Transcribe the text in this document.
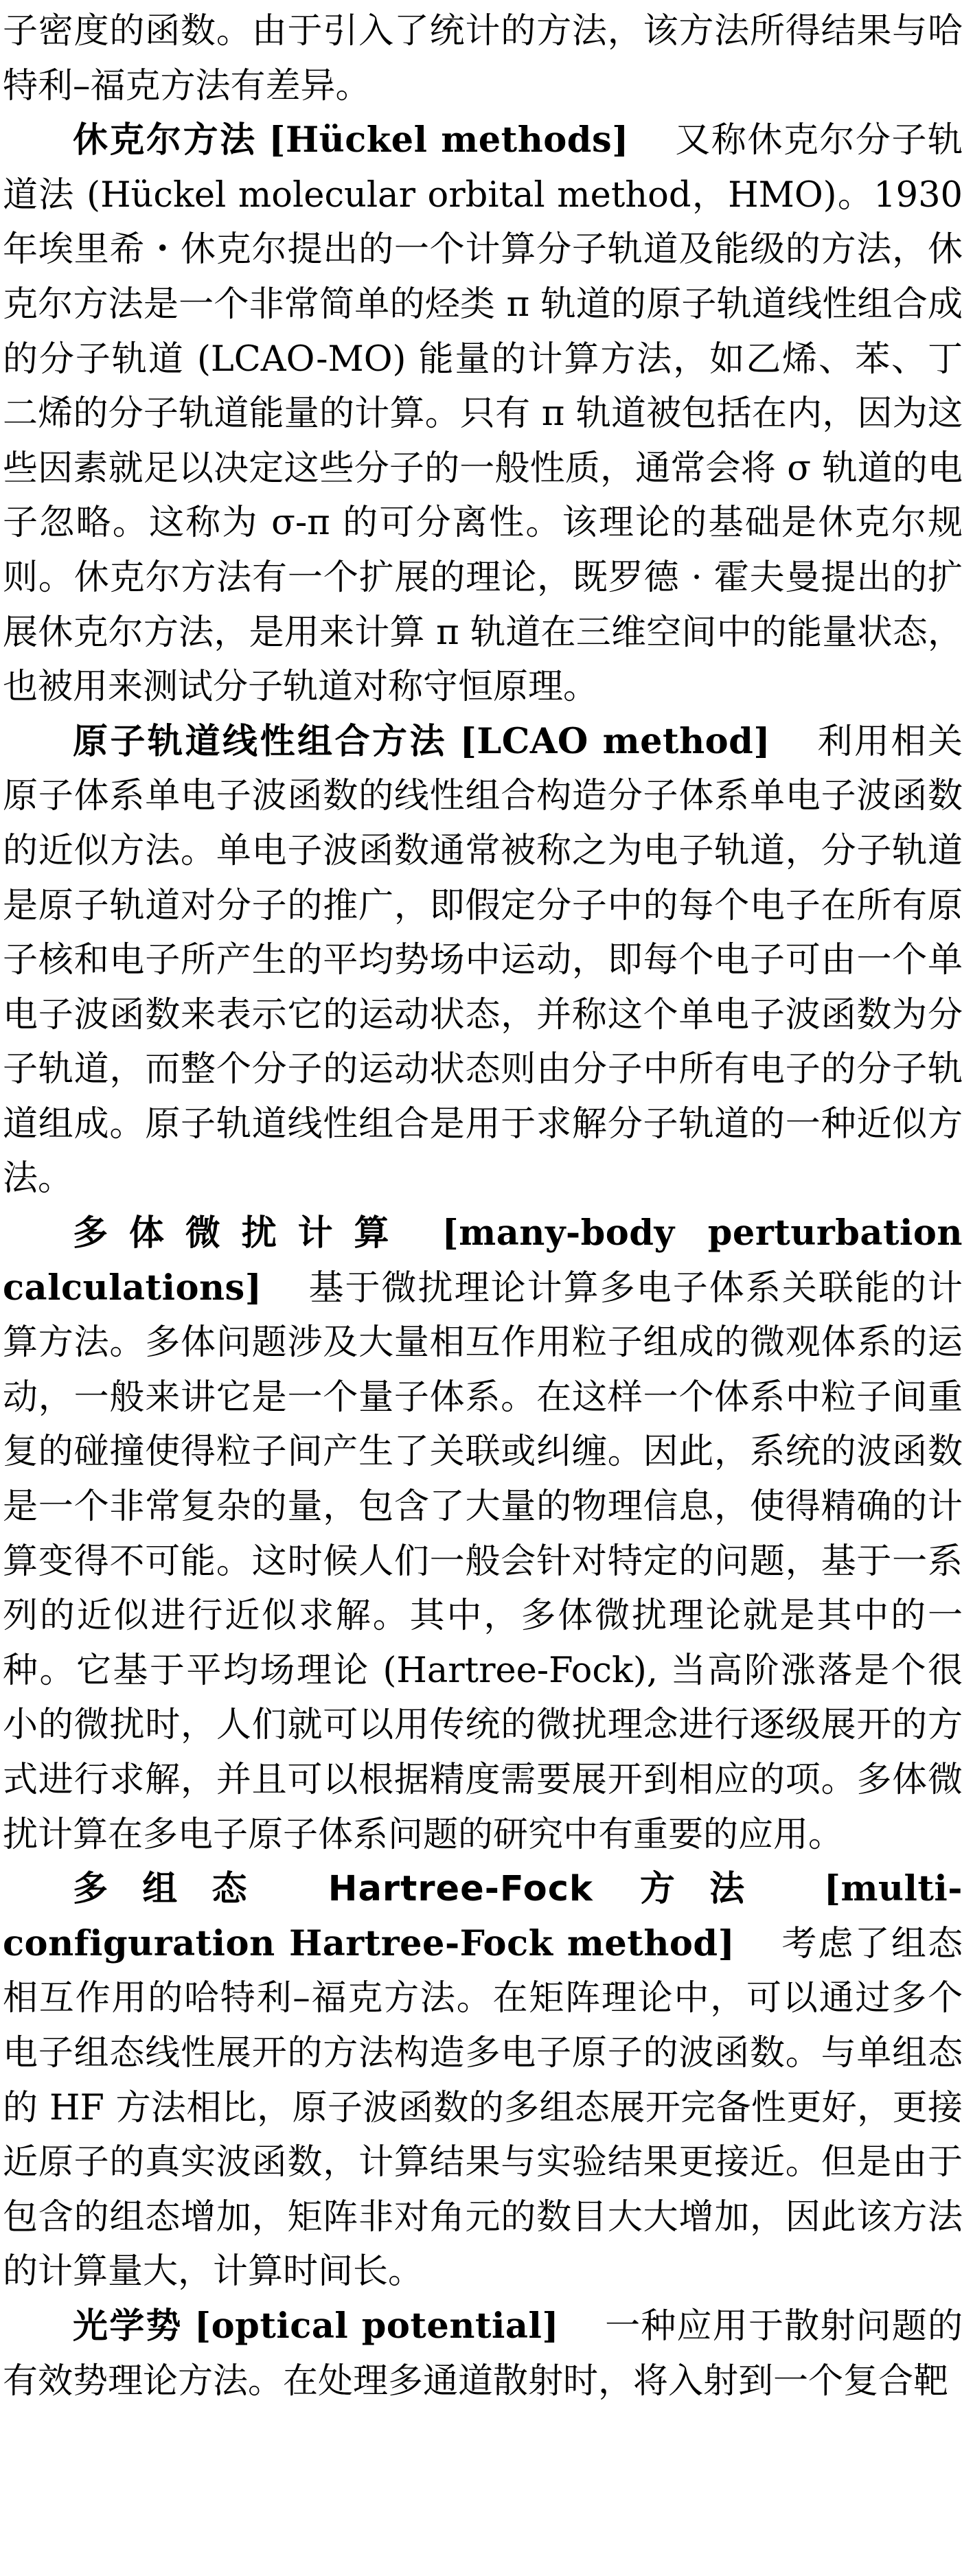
子密度的函数。由于引入了统计的方法，该方法所得结果与哈特利–福克方法有差异。

休克尔方法 [Hückel methods] 又称休克尔分子轨道法 (Hückel molecular orbital method，HMO)。1930 年埃里希・休克尔提出的一个计算分子轨道及能级的方法，休克尔方法是一个非常简单的烃类 π 轨道的原子轨道线性组合成的分子轨道 (LCAO-MO) 能量的计算方法，如乙烯、苯、丁二烯的分子轨道能量的计算。只有 π 轨道被包括在内，因为这些因素就足以决定这些分子的一般性质，通常会将 σ 轨道的电子忽略。这称为 σ-π 的可分离性。该理论的基础是休克尔规则。休克尔方法有一个扩展的理论，既罗德 · 霍夫曼提出的扩展休克尔方法，是用来计算 π 轨道在三维空间中的能量状态，也被用来测试分子轨道对称守恒原理。

原子轨道线性组合方法 [LCAO method] 利用相关原子体系单电子波函数的线性组合构造分子体系单电子波函数的近似方法。单电子波函数通常被称之为电子轨道，分子轨道是原子轨道对分子的推广，即假定分子中的每个电子在所有原子核和电子所产生的平均势场中运动，即每个电子可由一个单电子波函数来表示它的运动状态，并称这个单电子波函数为分子轨道，而整个分子的运动状态则由分子中所有电子的分子轨道组成。原子轨道线性组合是用于求解分子轨道的一种近似方法。

多体微扰计算 [many-body perturbation calculations] 基于微扰理论计算多电子体系关联能的计算方法。多体问题涉及大量相互作用粒子组成的微观体系的运动，一般来讲它是一个量子体系。在这样一个体系中粒子间重复的碰撞使得粒子间产生了关联或纠缠。因此，系统的波函数是一个非常复杂的量，包含了大量的物理信息，使得精确的计算变得不可能。这时候人们一般会针对特定的问题，基于一系列的近似进行近似求解。其中，多体微扰理论就是其中的一种。它基于平均场理论 (Hartree-Fock), 当高阶涨落是个很小的微扰时，人们就可以用传统的微扰理念进行逐级展开的方式进行求解，并且可以根据精度需要展开到相应的项。多体微扰计算在多电子原子体系问题的研究中有重要的应用。

多组态 Hartree-Fock 方法 [multi-configuration Hartree-Fock method] 考虑了组态相互作用的哈特利–福克方法。在矩阵理论中，可以通过多个电子组态线性展开的方法构造多电子原子的波函数。与单组态的 HF 方法相比，原子波函数的多组态展开完备性更好，更接近原子的真实波函数，计算结果与实验结果更接近。但是由于包含的组态增加，矩阵非对角元的数目大大增加，因此该方法的计算量大，计算时间长。

光学势 [optical potential] 一种应用于散射问题的有效势理论方法。在处理多通道散射时，将入射到一个复合靶
